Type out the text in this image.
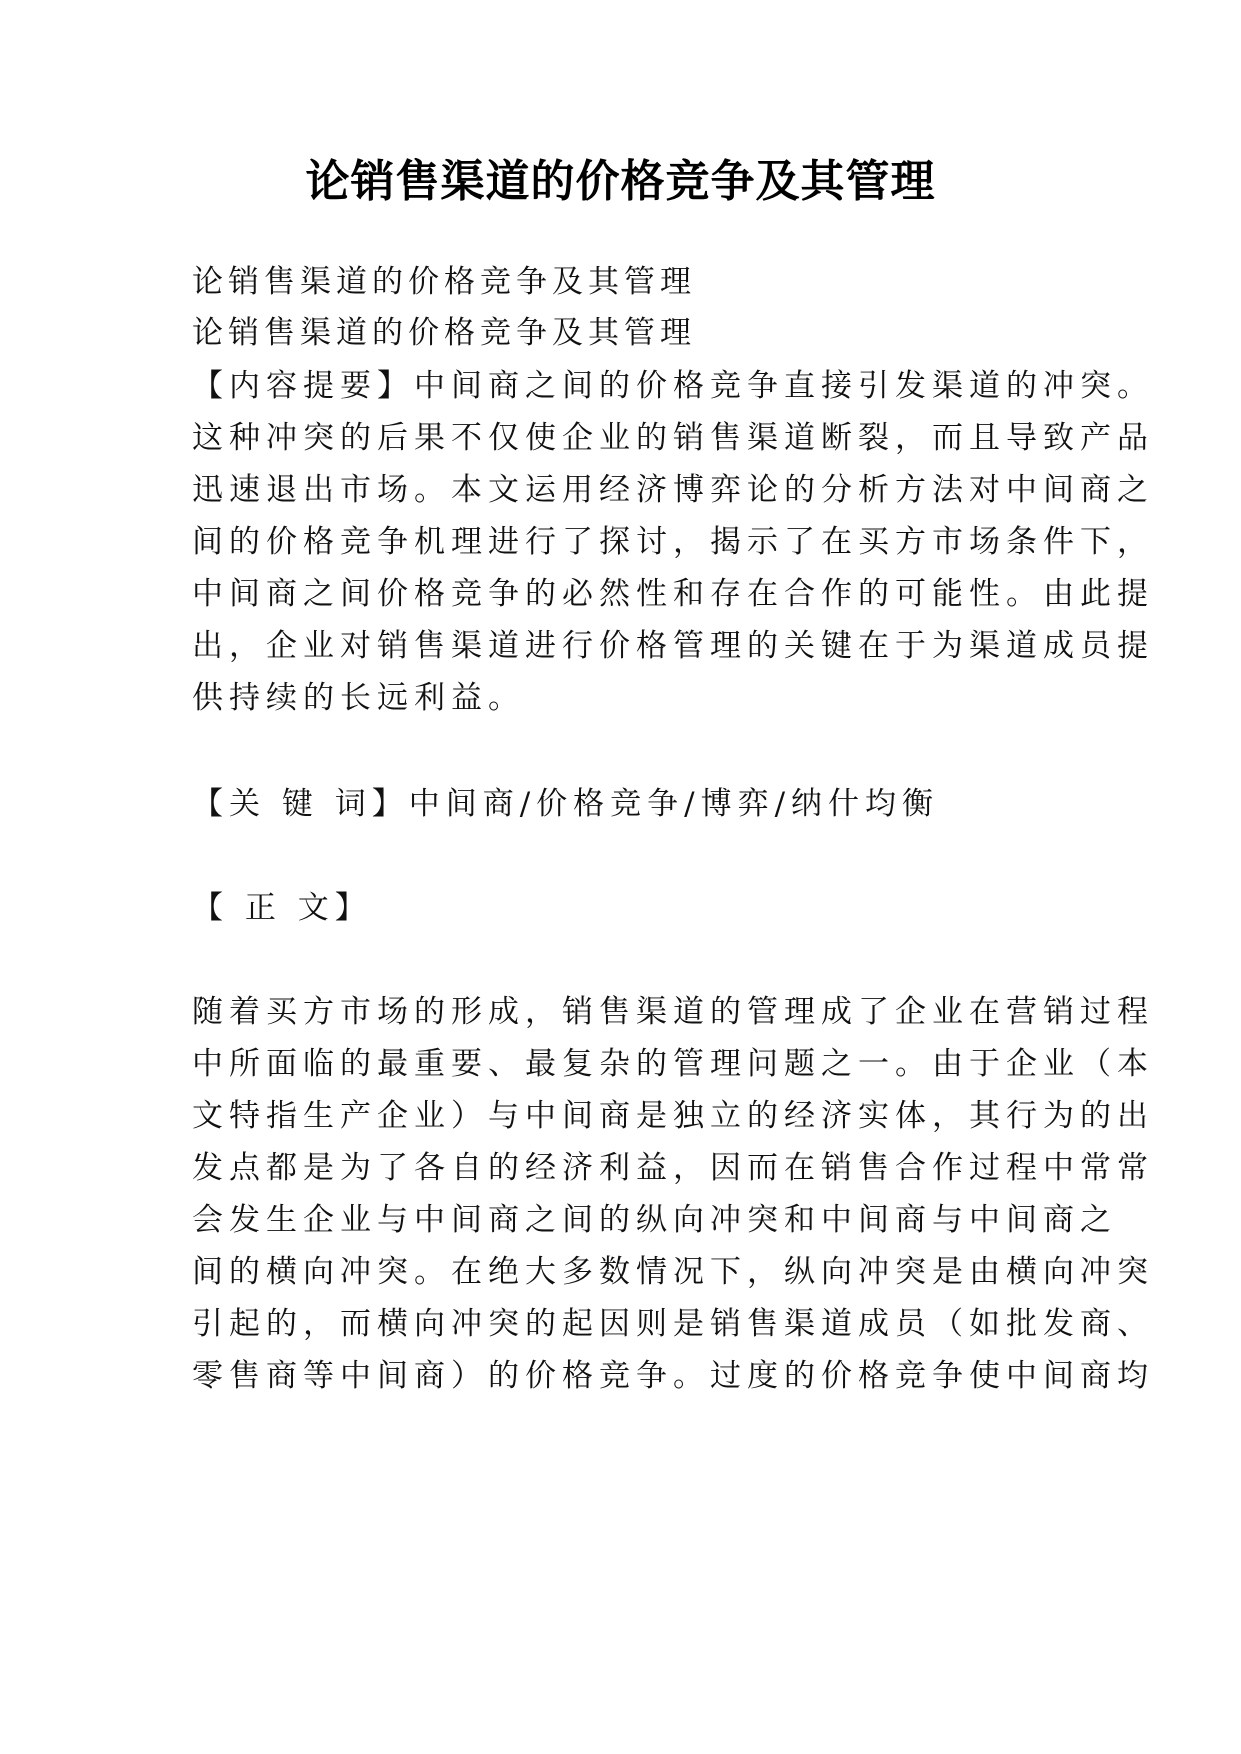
论销售渠道的价格竞争及其管理
论销售渠道的价格竞争及其管理
论销售渠道的价格竞争及其管理
【内容提要】中间商之间的价格竞争直接引发渠道的冲突。
这种冲突的后果不仅使企业的销售渠道断裂，而且导致产品
迅速退出市场。本文运用经济博弈论的分析方法对中间商之
间的价格竞争机理进行了探讨，揭示了在买方市场条件下，
中间商之间价格竞争的必然性和存在合作的可能性。由此提
出，企业对销售渠道进行价格管理的关键在于为渠道成员提
供持续的长远利益。
【关 键 词】中间商/价格竞争/博弈/纳什均衡
【 正 文】
随着买方市场的形成，销售渠道的管理成了企业在营销过程
中所面临的最重要、最复杂的管理问题之一。由于企业（本
文特指生产企业）与中间商是独立的经济实体，其行为的出
发点都是为了各自的经济利益，因而在销售合作过程中常常
会发生企业与中间商之间的纵向冲突和中间商与中间商之
间的横向冲突。在绝大多数情况下，纵向冲突是由横向冲突
引起的，而横向冲突的起因则是销售渠道成员（如批发商、
零售商等中间商）的价格竞争。过度的价格竞争使中间商均
